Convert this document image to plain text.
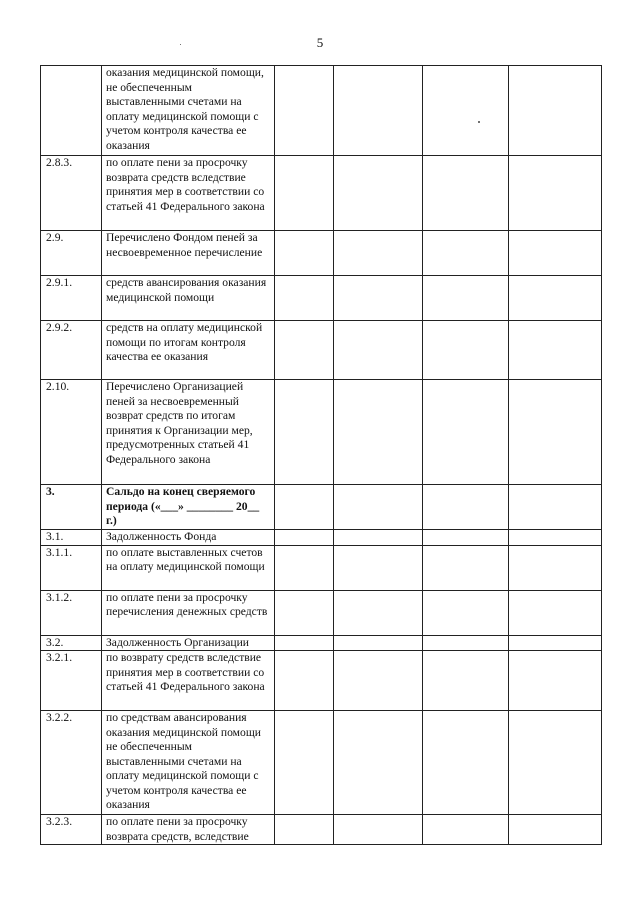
5
	оказания медицинской помощи, не обеспеченным выставленными счетами на оплату медицинской помощи с учетом контроля качества ее оказания				
2.8.3.	по оплате пени за просрочку возврата средств вследствие принятия мер в соответствии со статьей 41 Федерального закона				
2.9.	Перечислено Фондом пеней за несвоевременное перечисление				
2.9.1.	средств авансирования оказания медицинской помощи				
2.9.2.	средств на оплату медицинской помощи по итогам контроля качества ее оказания				
2.10.	Перечислено Организацией пеней за несвоевременный возврат средств по итогам принятия к Организации мер, предусмотренных статьей 41 Федерального закона				
3.	Сальдо на конец сверяемого периода («___» ________ 20__ г.)				
3.1.	Задолженность Фонда				
3.1.1.	по оплате выставленных счетов на оплату медицинской помощи				
3.1.2.	по оплате пени за просрочку перечисления денежных средств				
3.2.	Задолженность Организации				
3.2.1.	по возврату средств вследствие принятия мер в соответствии со статьей 41 Федерального закона				
3.2.2.	по средствам авансирования оказания медицинской помощи не обеспеченным выставленными счетами на оплату медицинской помощи с учетом контроля качества ее оказания				
3.2.3.	по оплате пени за просрочку возврата средств, вследствие				
